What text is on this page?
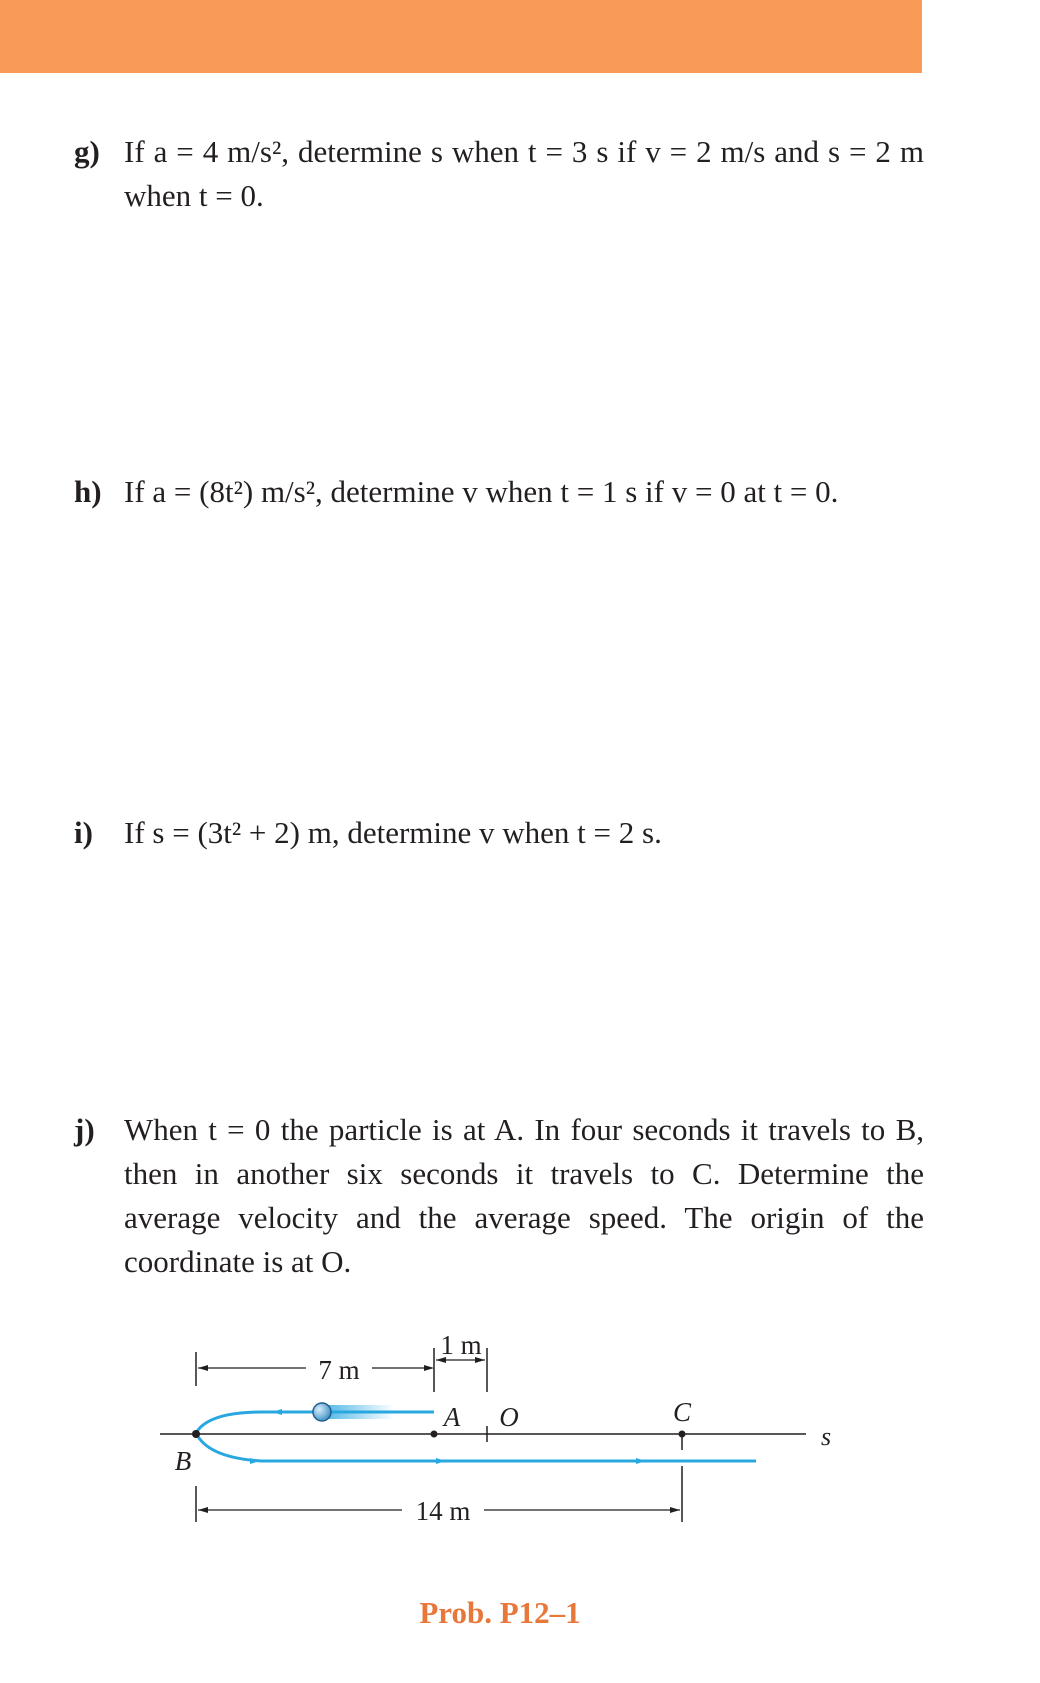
g) If a = 4 m/s², determine s when t = 3 s if v = 2 m/s and s = 2 m when t = 0.
h) If a = (8t²) m/s², determine v when t = 1 s if v = 0 at t = 0.
i) If s = (3t² + 2) m, determine v when t = 2 s.
j) When t = 0 the particle is at A. In four seconds it travels to B, then in another six seconds it travels to C. Determine the average velocity and the average speed. The origin of the coordinate is at O.
7 m
1 m
s
A O	C
B
14 m
Prob. P12–1
